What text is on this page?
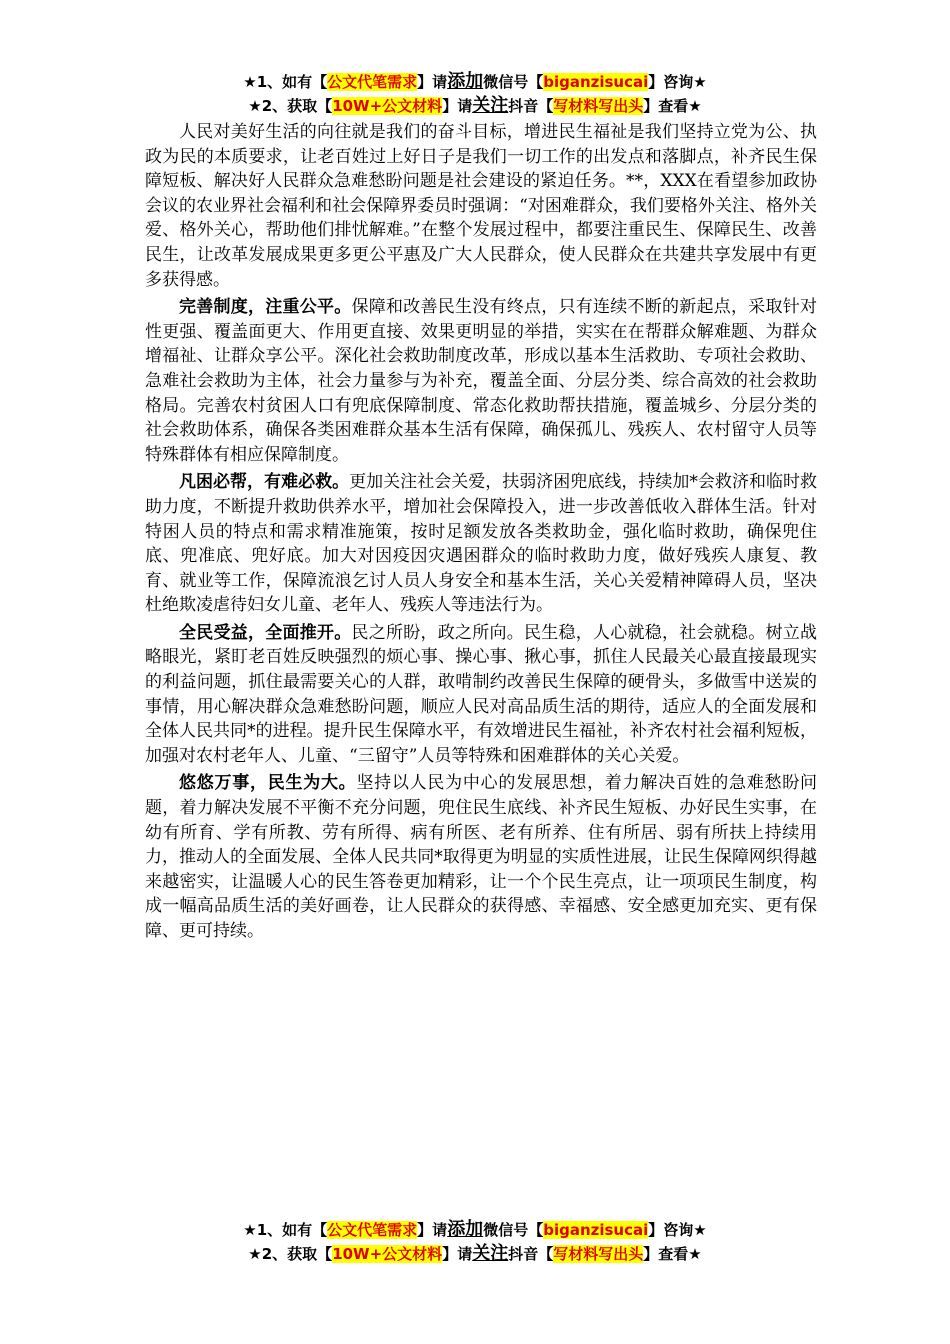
★1、如有【公文代笔需求】请添加微信号【biganzisucai】咨询★
★2、获取【10W+公文材料】请关注抖音【写材料写出头】查看★

人民对美好生活的向往就是我们的奋斗目标，增进民生福祉是我们坚持立党为公、执政为民的本质要求，让老百姓过上好日子是我们一切工作的出发点和落脚点，补齐民生保障短板、解决好人民群众急难愁盼问题是社会建设的紧迫任务。**，XXX在看望参加政协会议的农业界社会福利和社会保障界委员时强调：“对困难群众，我们要格外关注、格外关爱、格外关心，帮助他们排忧解难。”在整个发展过程中，都要注重民生、保障民生、改善民生，让改革发展成果更多更公平惠及广大人民群众，使人民群众在共建共享发展中有更多获得感。

完善制度，注重公平。保障和改善民生没有终点，只有连续不断的新起点，采取针对性更强、覆盖面更大、作用更直接、效果更明显的举措，实实在在帮群众解难题、为群众增福祉、让群众享公平。深化社会救助制度改革，形成以基本生活救助、专项社会救助、急难社会救助为主体，社会力量参与为补充，覆盖全面、分层分类、综合高效的社会救助格局。完善农村贫困人口有兜底保障制度、常态化救助帮扶措施，覆盖城乡、分层分类的社会救助体系，确保各类困难群众基本生活有保障，确保孤儿、残疾人、农村留守人员等特殊群体有相应保障制度。

凡困必帮，有难必救。更加关注社会关爱，扶弱济困兜底线，持续加*会救济和临时救助力度，不断提升救助供养水平，增加社会保障投入，进一步改善低收入群体生活。针对特困人员的特点和需求精准施策，按时足额发放各类救助金，强化临时救助，确保兜住底、兜准底、兜好底。加大对因疫因灾遇困群众的临时救助力度，做好残疾人康复、教育、就业等工作，保障流浪乞讨人员人身安全和基本生活，关心关爱精神障碍人员，坚决杜绝欺凌虐待妇女儿童、老年人、残疾人等违法行为。

全民受益，全面推开。民之所盼，政之所向。民生稳，人心就稳，社会就稳。树立战略眼光，紧盯老百姓反映强烈的烦心事、操心事、揪心事，抓住人民最关心最直接最现实的利益问题，抓住最需要关心的人群，敢啃制约改善民生保障的硬骨头，多做雪中送炭的事情，用心解决群众急难愁盼问题，顺应人民对高品质生活的期待，适应人的全面发展和全体人民共同*的进程。提升民生保障水平，有效增进民生福祉，补齐农村社会福利短板，加强对农村老年人、儿童、“三留守”人员等特殊和困难群体的关心关爱。

悠悠万事，民生为大。坚持以人民为中心的发展思想，着力解决百姓的急难愁盼问题，着力解决发展不平衡不充分问题，兜住民生底线、补齐民生短板、办好民生实事，在幼有所育、学有所教、劳有所得、病有所医、老有所养、住有所居、弱有所扶上持续用力，推动人的全面发展、全体人民共同*取得更为明显的实质性进展，让民生保障网织得越来越密实，让温暖人心的民生答卷更加精彩，让一个个民生亮点，让一项项民生制度，构成一幅高品质生活的美好画卷，让人民群众的获得感、幸福感、安全感更加充实、更有保障、更可持续。

★1、如有【公文代笔需求】请添加微信号【biganzisucai】咨询★
★2、获取【10W+公文材料】请关注抖音【写材料写出头】查看★
